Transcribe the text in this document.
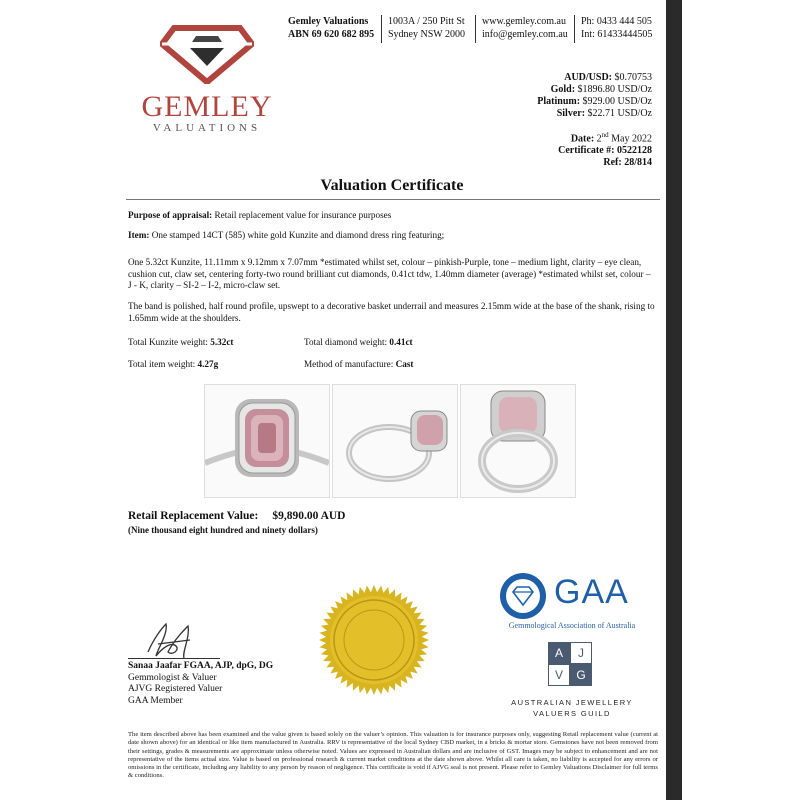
GEMLEY
VALUATIONS
Gemley Valuations
ABN 69 620 682 895
1003A / 250 Pitt St
Sydney NSW 2000
www.gemley.com.au
info@gemley.com.au
Ph: 0433 444 505
Int: 61433444505
AUD/USD: $0.70753
Gold: $1896.80 USD/Oz
Platinum: $929.00 USD/Oz
Silver: $22.71 USD/Oz
Date: 2nd May 2022
Certificate #: 0522128
Ref: 28/814
Valuation Certificate
Purpose of appraisal: Retail replacement value for insurance purposes
Item: One stamped 14CT (585) white gold Kunzite and diamond dress ring featuring;
One 5.32ct Kunzite, 11.11mm x 9.12mm x 7.07mm *estimated whilst set, colour – pinkish-Purple, tone – medium light, clarity – eye clean, cushion cut, claw set, centering forty-two round brilliant cut diamonds, 0.41ct tdw, 1.40mm diameter (average) *estimated whilst set, colour – J - K, clarity – SI-2 – I-2, micro-claw set.
The band is polished, half round profile, upswept to a decorative basket underrail and measures 2.15mm wide at the base of the shank, rising to 1.65mm wide at the shoulders.
Total Kunzite weight: 5.32ct	Total diamond weight: 0.41ct
Total item weight: 4.27g	Method of manufacture: Cast
Retail Replacement Value: $9,890.00 AUD
(Nine thousand eight hundred and ninety dollars)
Sanaa Jaafar FGAA, AJP, dpG, DG
Gemmologist & Valuer
AJVG Registered Valuer
GAA Member
GAA
Gemmological Association of Australia
A	J
V	G
AUSTRALIAN JEWELLERY
VALUERS GUILD
The item described above has been examined and the value given is based solely on the valuer’s opinion. This valuation is for insurance purposes only, suggesting Retail replacement value (current at date shown above) for an identical or like item manufactured in Australia. RRV is representative of the local Sydney CBD market, in a bricks & mortar store. Gemstones have not been removed from their settings, grades & measurements are approximate unless otherwise noted. Values are expressed in Australian dollars and are inclusive of GST. Images may be subject to enhancement and are not representative of the items actual size. Value is based on professional research & current market conditions at the date shown above. Whilst all care is taken, no liability is accepted for any errors or omissions in the certificate, including any liability to any person by reason of negligence. This certificate is void if AJVG seal is not present. Please refer to Gemley Valuations Disclaimer for full terms & conditions.
